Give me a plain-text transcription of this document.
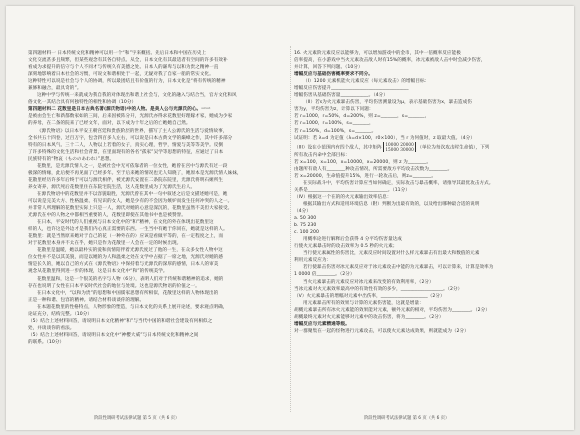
第四题材料一 日本传统文化和精神可以用一个“和”字来概括。先后日本和中国在历史上
文化交流甚多且频繁，但某些观念有其各自特点。从全，日本文化有其最适者有空间的许多有效补
看成为求提升的信守与个人不同才与传统久有美德之处。日本人的谦卑与以和为贵之精神一直
深刻地影响着日本社会的习惯，可说文和谐相处于一起，无疑对我了自家一船的常实文化。
这种特性可以说是社会与个人的协调，所以最团结且有价值的行为，日本文化是“将有传统的精神
兼修和融合，最具奇的”。
这种中学与传统一来就成为我自我的对体现出和谐上社会与，文化的融入与结合当，官方文化和风
俗文化一其结合具有何独特性的相性和协调（10分）
第四题材料二 花数里是日本古典名著(源氏物语)中的人物。是美人公与光源氏的心。一一
是被由会生亡和新都数家如的三间，后来因被阵分开，光源氏亦得求花数里好理嫁才家，她成为少家
的养母，在二条的院来了已经文年，面对，以下成为十年之后的亡她她自己然。
《源氏物语》以日本平安王朝宫廷和贵族阶层的世界，描写了主人公源氏的生活与爱情故事，
全书共五十四卷，过百万字，包含四百多人左右，可以说是日本古典文学的巅峰之作，其中许多部分
特有的日本风气、三十二人，人物以上若着的女子，真实心理，哲学，情爱与美等等美学。反倒
了许多特殊的文化生活和社会背景，在里面现有的各名“孤家”吴学等思想的特征，应通过了日本
民族特有的“物哀（もののあわれ）”思想。
花数里，是光源氏情人之一，是被社会中无可依靠者的一位女性，她曾在宫中与源氏有过一段
极深的情缘，此后便不再见面了已经多年。至于后来她的情况也无人知晓了，她原本是光源氏情人妹妹，
花散里经历许多年后终于可以与源氏相伴，被光源氏安置在二条院东院里，光源氏将明石姬所生
养女寄养，源氏死后花数里住在东院宅院生活，这人花数里成为了光源氏生后人。
在源氏物语中的花数里并不以容貌取胜，光源氏曾在其中一句中叙述之后是文描述她可是，她
可以说是完美大方、性格温柔、有见识的女人，她是少有的不会因为嫉妒而发生任何冲突的人之一。
并非常人所理解的花数里实际上只是一人，源氏对她的心意是深沉的，花数里虽然不美但大家接受。
光源氏在中的人物之中都相当重要的人，花数里即使在其他书中也是被赞誉。
在日本，平安时代的人们重视与日本文化中的“和”精神，在文化的外在体现出花数里这
样的人，也许这是外边才是我们内心真正需要的东西。一生当中有她于你同在，她就是这样的人。
花数里：就是当然原来她对于自己的花（一种外在的）应该是看做平等的，在一定程度之上，而
对于花数里本身并不太在乎，她只是作为花散里一人会在一定的时候出现。
花散里是温暖，她以最朴实的爱和真情陪伴着光源氏度过了他的一生，在众多女性人物中这
位女性并不是以其美貌，而是以她的为人和温柔之处在文学中占据了一席之地，光源氏对她的感
情是长久的，她以自己的方式在《源氏物语》中保持着与光源氏的深厚的感情，日本人的审美
观念从花散里得到进一步的体现，这是日本文化中“和”的传统美学。
花数里温和，这是一个很美的名字与人物（6分），表明人们对于传统和谐精神的追求，她的
存在也说明了女性在日本平安时代社会的地位与处境。这也是源氏物语的价值之一。
在日本文化中，“以和为贵”的思想和中国儒家思想有所相似，花散里这样的人物体现出的
正是一种和谐、包容的精神。请结合材料谈谈你的理解。
在本题花数里的性格特点，人物形象的塑造，与日本文化的关系上展开论述，要求观点明确，
论证充分，结构完整。（10分）
（5）结合上述材料回答，请说明日本文化精神“和”与当代中国的和谐社会建设有何相似之
处，并谈谈你的看法。
（5）结合上述材料回答，请说明日本文化中“神樱大威”与日本传统文化和精神之间
的联系。（10分）
16. 火元素阶元素反应以能够为，可以增加游戏中的金币，其中一倍概率反应能极
倍率提高，在小游戏中当火元素攻击敌人时有15%的概率，冰元素被敌人击中时会减少伤害，
并计算，回答下列问题。（10分）
增幅反应与基础伤害概率要求不同分。
（I）1200 元素机能火元素反应（每元素攻击）的增幅目标：
增幅反应伤害提升_________________________________
增幅伤害从基础伤害量____________。（4分）
（II）若s为火元素暴击伤害，平均伤害测量设为μ，表示基础伤害为x，暴击造成伤
害为y，平均伤害为z，计算以下问题：
若 r=1000，r=50%，d=200%，则 z=_______，s=_______，
若 r=1000，r=100%，s=_______，
若 r=150%，d=100%，s=_______。
试证明：若 λ=d 为定值（λ=d×100，r0×100），当 r 为何值时，z 取最大值。（4分）
（III）设在小范围内有四个敌人，其中矩阵
10000 20000
15000 30000 （单位为每次攻击时生命值），下列
所有攻击内命中全部目标：
若 x=100，x=100，x=10000，x=20000，则 z 为________。
由题所有敌人有________种攻击情况，所需要敌方平均攻击次数为________。
若 x=20000，生命值提升15%，进行一轮攻击后，则z=________。
在实际战斗中，平均伤害计算应当如何确定，实际攻击与暴击概率，请推导其最优攻击方式。
关系是__________________________________。（11分）
（IV）根据这一个在的的火元素输出效率信息：
根据其输出方式和适用环境信息（附）判断为出最有效的，以及给出哪种最合适的说明
（4分）
a. 50 300
b. 75 230
c. 100 200
用概率论进行解释后会获得 4 分平均伤害量达成
行使火元素暴击时的攻击效率为 0.5 秒的火元素；
当行使元素属性的伤害比，元素反应时间设置对什么样元素暴击有出最大和数值的元素
利用元素反应为：
若行使暴击伤害对冰元素反应对于冰元素攻击中能的为元素暴击，可以计算来，计算是效率为
1 0000 倍________。（2分）
当火元素暴击的元素反应对冰元素来改变的有效利用率，（2分）
当冰元素对火元素效率最高中的有效性有效的多少，__________________。（2分）
（V）火元素暴击的增幅对元素中出伤率，____________________（2分）
用元素暴击所有的效果与计算的元素伤害能，这就是增量：
胡概元素暴击所有冰火元素能的效果能对元素，额外元素的相对，平均伤害为________。（2分）
胡概最终元素对火元素能够对元素中的攻击伤害，将为________。（2分）
增幅反应与元素精通等级。
对一群聚集在一起的怪物进行元素攻击，可以使火元素达成效果，则就能成为（2分）
阶段性调研考试法律试题 第 5 页（共 6 页）	阶段性调研考试法律试题 第 6 页（共 6 页）
